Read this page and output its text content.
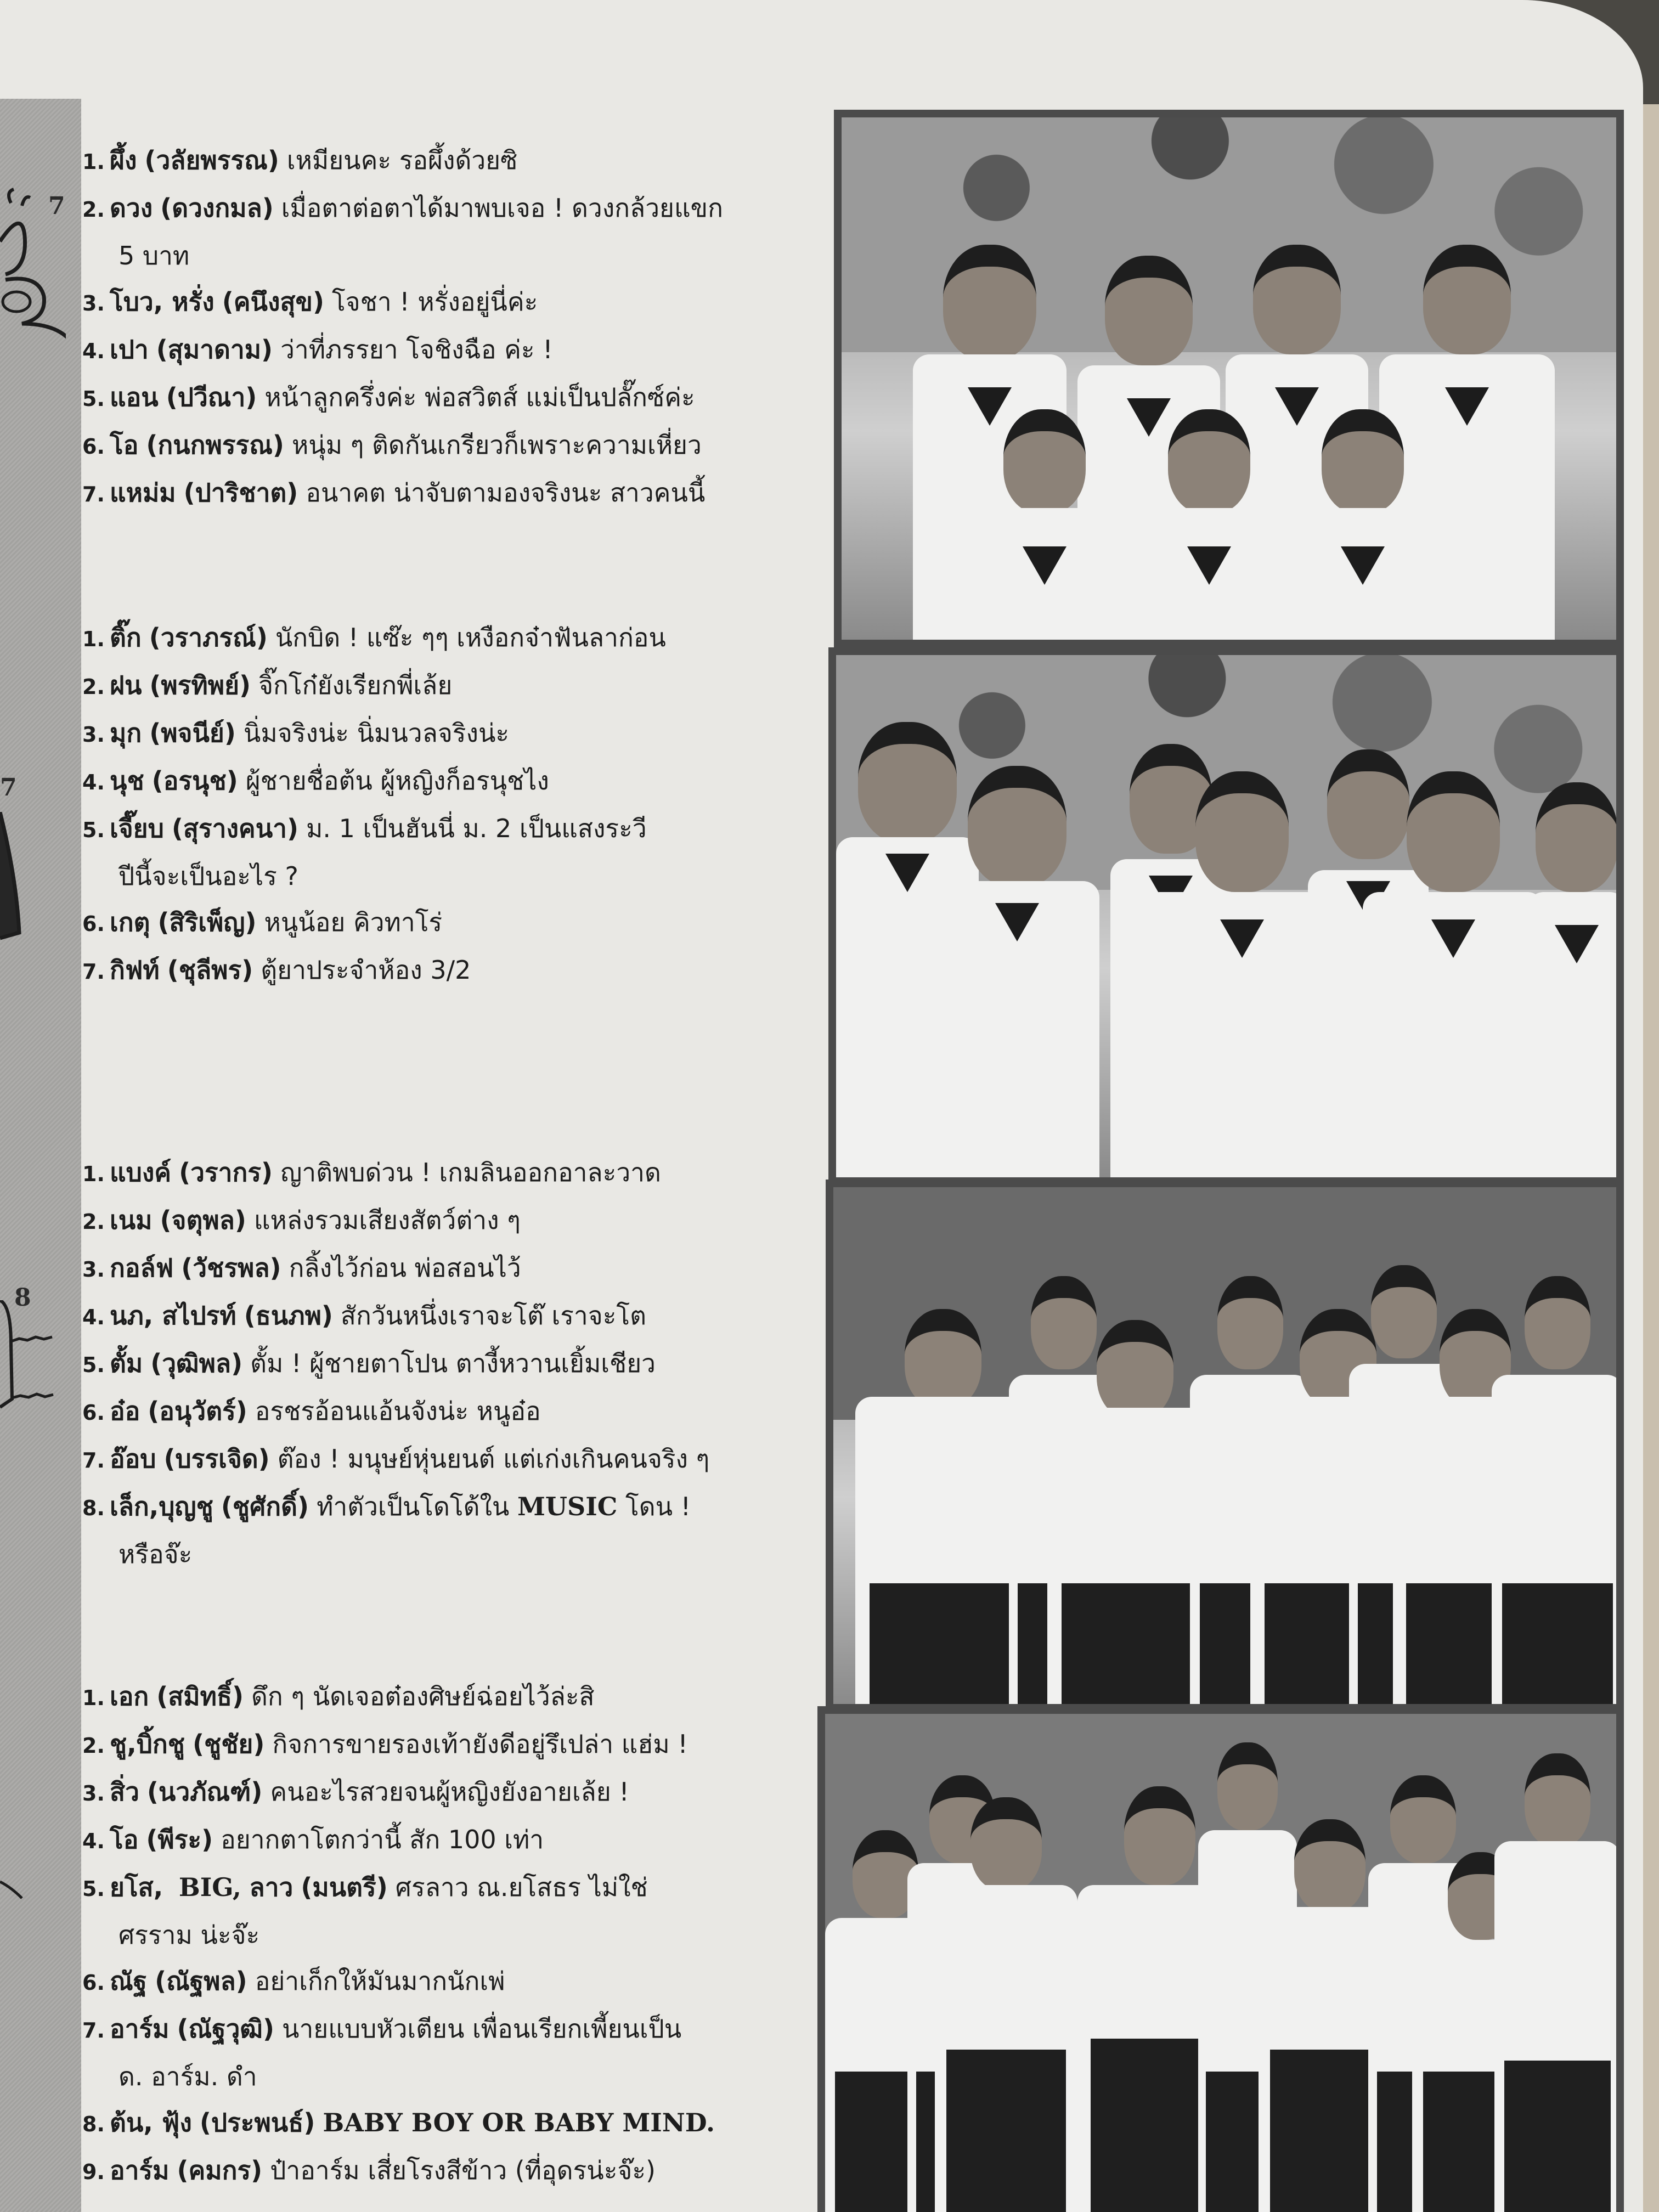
7
7
8
1. ผึ้ง (วลัยพรรณ) เหมียนคะ รอผึ้งด้วยซิ
2. ดวง (ดวงกมล) เมื่อตาต่อตาได้มาพบเจอ ! ดวงกล้วยแขก
5 บาท
3. โบว, หรั่ง (คนึงสุข) โจชา ! หรั่งอยู่นี่ค่ะ
4. เปา (สุมาดาม) ว่าที่ภรรยา โจชิงฉือ ค่ะ !
5. แอน (ปวีณา) หน้าลูกครึ่งค่ะ พ่อสวิตส์ แม่เป็นปลั๊กซ์ค่ะ
6. โอ (กนกพรรณ) หนุ่ม ๆ ติดกันเกรียวก็เพราะความเหี่ยว
7. แหม่ม (ปาริชาต) อนาคต น่าจับตามองจริงนะ สาวคนนี้
1. ติ๊ก (วราภรณ์) นักบิด ! แซ๊ะ ๆๆ เหงือกจ๋าฟันลาก่อน
2. ฝน (พรทิพย์) จิ๊กโก๋ยังเรียกพี่เล้ย
3. มุก (พจนีย์) นิ่มจริงน่ะ นิ่มนวลจริงน่ะ
4. นุช (อรนุช) ผู้ชายชื่อต้น ผู้หญิงก็อรนุชไง
5. เจี๊ยบ (สุรางคนา) ม. 1 เป็นฮันนี่ ม. 2 เป็นแสงระวี
ปีนี้จะเป็นอะไร ?
6. เกตุ (สิริเพ็ญ) หนูน้อย คิวทาโร่
7. กิฟท์ (ชุลีพร) ตู้ยาประจำห้อง 3/2
1. แบงค์ (วรากร) ญาติพบด่วน ! เกมลินออกอาละวาด
2. เนม (จตุพล) แหล่งรวมเสียงสัตว์ต่าง ๆ
3. กอล์ฟ (วัชรพล) กลิ้งไว้ก่อน พ่อสอนไว้
4. นภ, สไปรท์ (ธนภพ) สักวันหนึ่งเราจะโต๊ เราจะโต
5. ตั้ม (วุฒิพล) ตั้ม ! ผู้ชายตาโปน ตางี้หวานเยิ้มเชียว
6. อ๋อ (อนุวัตร์) อรชรอ้อนแอ้นจังน่ะ หนูอ๋อ
7. อ๊อบ (บรรเจิด) ต๊อง ! มนุษย์หุ่นยนต์ แต่เก่งเกินคนจริง ๆ
8. เล็ก,บุญชู (ชูศักดิ์) ทำตัวเป็นโดโด้ใน
MUSIC
โดน !
หรือจ๊ะ
1. เอก (สมิทธิ์) ดึก ๆ นัดเจอต๋องศิษย์ฉ่อยไว้ล่ะสิ
2. ชู,บิ้กชู (ชูชัย) กิจการขายรองเท้ายังดีอยู่รึเปล่า แฮ่ม !
3. สิ่ว (นวภัณฑ์) คนอะไรสวยจนผู้หญิงยังอายเล้ย !
4. โอ (พีระ) อยากตาโตกว่านี้ สัก 100 เท่า
5. ยโส,
BIG,
ลาว (มนตรี) ศรลาว ณ.ยโสธร ไม่ใช่
ศรราม น่ะจ๊ะ
6. ณัฐ (ณัฐพล) อย่าเก็กให้มันมากนักเพ่
7. อาร์ม (ณัฐวุฒิ) นายแบบหัวเตียน เพื่อนเรียกเพี้ยนเป็น
ด. อาร์ม. ดำ
8. ต้น, ฟุ้ง (ประพนธ์) BABY BOY OR BABY MIND.
9. อาร์ม (คมกร) ป๋าอาร์ม เสี่ยโรงสีข้าว (ที่อุดรน่ะจ๊ะ)
